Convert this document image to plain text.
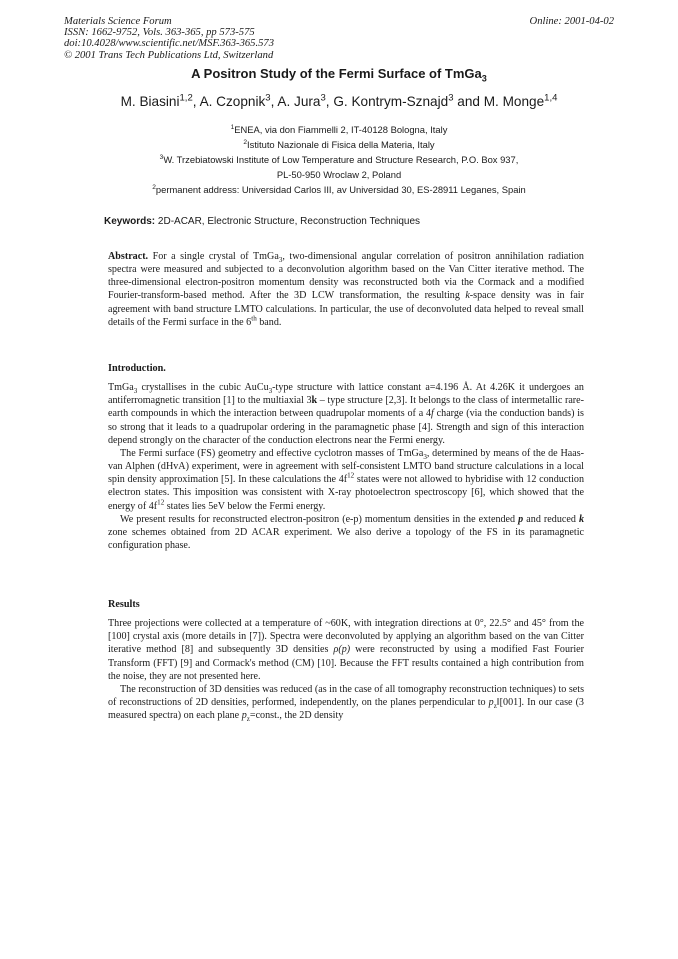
Materials Science Forum
ISSN: 1662-9752, Vols. 363-365, pp 573-575
doi:10.4028/www.scientific.net/MSF.363-365.573
© 2001 Trans Tech Publications Ltd, Switzerland
Online: 2001-04-02
A Positron Study of the Fermi Surface of TmGa$_3$
M. Biasini$^{1,2}$, A. Czopnik$^3$, A. Jura$^3$, G. Kontrym-Sznajd$^3$ and M. Monge$^{1,4}$
$^1$ENEA, via don Fiammelli 2, IT-40128 Bologna, Italy
$^2$Istituto Nazionale di Fisica della Materia, Italy
$^3$W. Trzebiatowski Institute of Low Temperature and Structure Research, P.O. Box 937,
PL-50-950 Wroclaw 2, Poland
$^2$permanent address: Universidad Carlos III, av Universidad 30, ES-28911 Leganes, Spain
Keywords: 2D-ACAR, Electronic Structure, Reconstruction Techniques

Abstract. For a single crystal of TmGa$_3$, two-dimensional angular correlation of positron annihilation radiation spectra were measured and subjected to a deconvolution algorithm based on the Van Citter iterative method. The three-dimensional electron-positron momentum density was reconstructed both via the Cormack and a modified Fourier-transform-based method. After the 3D LCW transformation, the resulting k-space density was in fair agreement with band structure LMTO calculations. In particular, the use of deconvoluted data helped to reveal small details of the Fermi surface in the 6th band.

Introduction.

TmGa$_3$ crystallises in the cubic AuCu$_3$-type structure with lattice constant a=4.196 Å. At 4.26K it undergoes an antiferromagnetic transition [1] to the multiaxial 3k – type structure [2,3]. It belongs to the class of intermetallic rare-earth compounds in which the interaction between quadrupolar moments of a 4f charge (via the conduction bands) is so strong that it leads to a quadrupolar ordering in the paramagnetic phase [4]. Strength and sign of this interaction depend strongly on the character of the conduction electrons near the Fermi energy.

The Fermi surface (FS) geometry and effective cyclotron masses of TmGa$_3$, determined by means of the de Haas-van Alphen (dHvA) experiment, were in agreement with self-consistent LMTO band structure calculations in a local spin density approximation [5]. In these calculations the $4f^{12}$ states were not allowed to hybridise with 12 conduction electron states. This imposition was consistent with X-ray photoelectron spectroscopy [6], which showed that the energy of $4f^{12}$ states lies 5eV below the Fermi energy.

We present results for reconstructed electron-positron (e-p) momentum densities in the extended p and reduced k zone schemes obtained from 2D ACAR experiment. We also derive a topology of the FS in its paramagnetic configuration phase.

Results

Three projections were collected at a temperature of ~60K, with integration directions at 0°, 22.5° and 45° from the [100] crystal axis (more details in [7]). Spectra were deconvoluted by applying an algorithm based on the van Citter iterative method [8] and subsequently 3D densities ρ(p) were reconstructed by using a modified Fast Fourier Transform (FFT) [9] and Cormack's method (CM) [10]. Because the FFT results contained a high contribution from the noise, they are not presented here.

The reconstruction of 3D densities was reduced (as in the case of all tomography reconstruction techniques) to sets of reconstructions of 2D densities, performed, independently, on the planes perpendicular to $p_z‖[001]$. In our case (3 measured spectra) on each plane $p_z=const$., the 2D density
